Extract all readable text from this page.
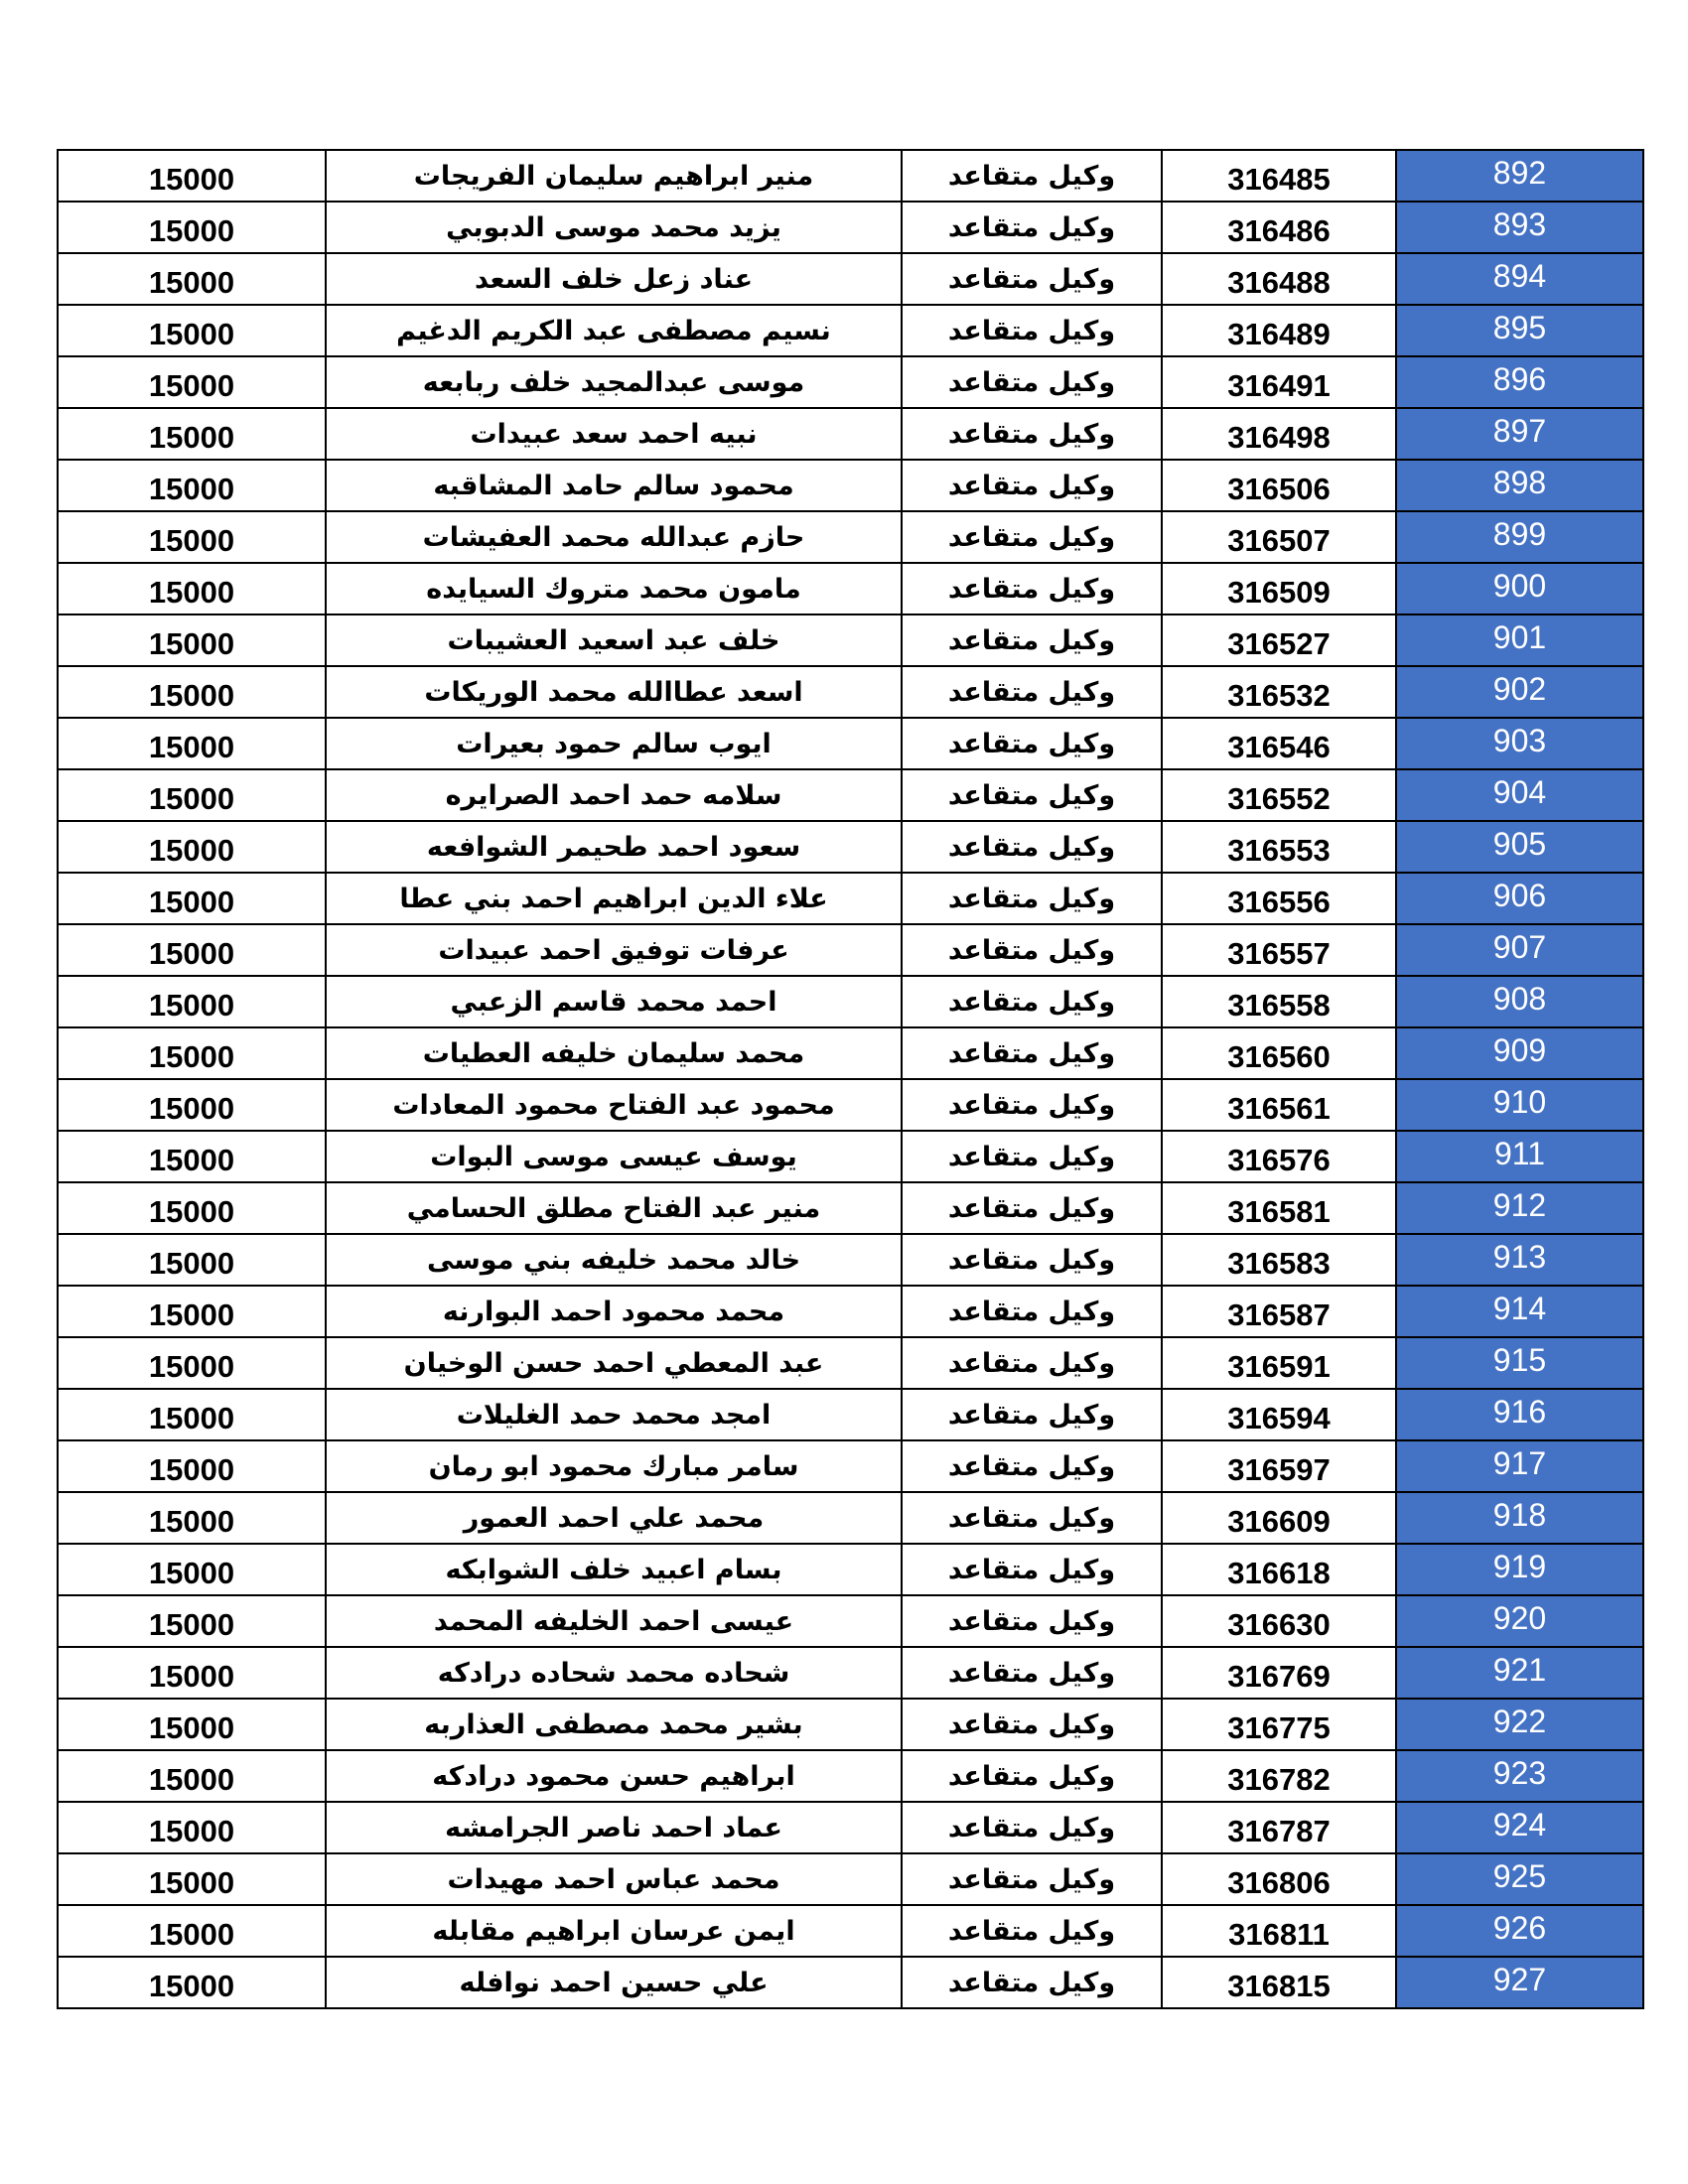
15000	منير ابراهيم سليمان الفريجات	وكيل متقاعد	316485	892
15000	يزيد محمد موسى الدبوبي	وكيل متقاعد	316486	893
15000	عناد زعل خلف السعد	وكيل متقاعد	316488	894
15000	نسيم مصطفى عبد الكريم الدغيم	وكيل متقاعد	316489	895
15000	موسى عبدالمجيد خلف ربابعه	وكيل متقاعد	316491	896
15000	نبيه احمد سعد عبيدات	وكيل متقاعد	316498	897
15000	محمود سالم حامد المشاقبه	وكيل متقاعد	316506	898
15000	حازم عبدالله محمد العفيشات	وكيل متقاعد	316507	899
15000	مامون محمد متروك السيايده	وكيل متقاعد	316509	900
15000	خلف عبد اسعيد العشيبات	وكيل متقاعد	316527	901
15000	اسعد عطاالله محمد الوريكات	وكيل متقاعد	316532	902
15000	ايوب سالم حمود بعيرات	وكيل متقاعد	316546	903
15000	سلامه حمد احمد الصرايره	وكيل متقاعد	316552	904
15000	سعود احمد طحيمر الشوافعه	وكيل متقاعد	316553	905
15000	علاء الدين ابراهيم احمد بني عطا	وكيل متقاعد	316556	906
15000	عرفات توفيق احمد عبيدات	وكيل متقاعد	316557	907
15000	احمد محمد قاسم الزعبي	وكيل متقاعد	316558	908
15000	محمد سليمان خليفه العطيات	وكيل متقاعد	316560	909
15000	محمود عبد الفتاح محمود المعادات	وكيل متقاعد	316561	910
15000	يوسف عيسى موسى البوات	وكيل متقاعد	316576	911
15000	منير عبد الفتاح مطلق الحسامي	وكيل متقاعد	316581	912
15000	خالد محمد خليفه بني موسى	وكيل متقاعد	316583	913
15000	محمد محمود احمد البوارنه	وكيل متقاعد	316587	914
15000	عبد المعطي احمد حسن الوخيان	وكيل متقاعد	316591	915
15000	امجد محمد حمد الغليلات	وكيل متقاعد	316594	916
15000	سامر مبارك محمود ابو رمان	وكيل متقاعد	316597	917
15000	محمد علي احمد العمور	وكيل متقاعد	316609	918
15000	بسام اعبيد خلف الشوابكه	وكيل متقاعد	316618	919
15000	عيسى احمد الخليفه المحمد	وكيل متقاعد	316630	920
15000	شحاده محمد شحاده درادكه	وكيل متقاعد	316769	921
15000	بشير محمد مصطفى العذاربه	وكيل متقاعد	316775	922
15000	ابراهيم حسن محمود درادكه	وكيل متقاعد	316782	923
15000	عماد احمد ناصر الجرامشه	وكيل متقاعد	316787	924
15000	محمد عباس احمد مهيدات	وكيل متقاعد	316806	925
15000	ايمن عرسان ابراهيم مقابله	وكيل متقاعد	316811	926
15000	علي حسين احمد نوافله	وكيل متقاعد	316815	927
